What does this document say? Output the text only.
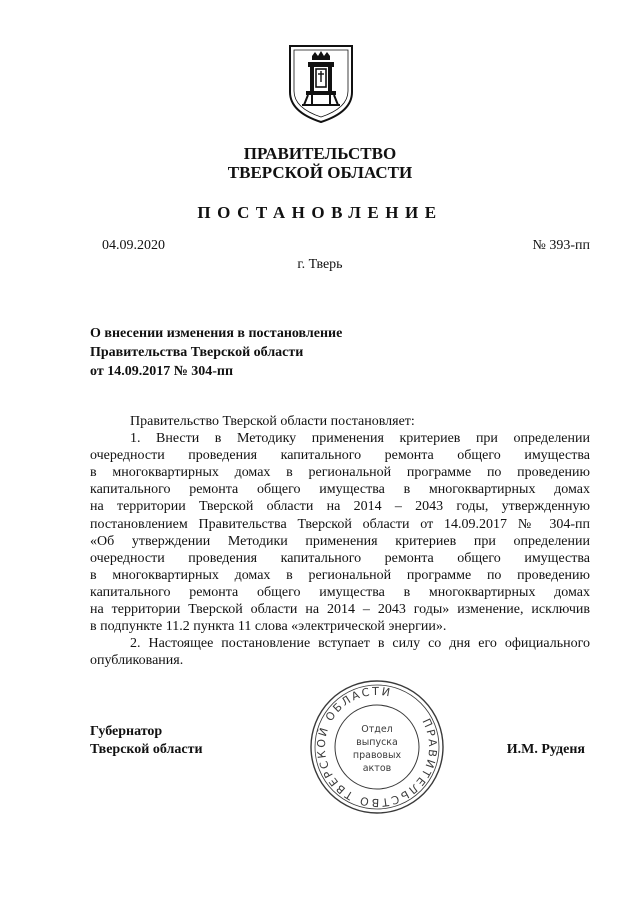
ПРАВИТЕЛЬСТВО
ТВЕРСКОЙ ОБЛАСТИ
ПОСТАНОВЛЕНИЕ
04.09.2020	№ 393-пп
г. Тверь
О внесении изменения в постановление
Правительства Тверской области
от 14.09.2017 № 304-пп

Правительство Тверской области постановляет:

1. Внести в Методику применения критериев при определении
очередности проведения капитального ремонта общего имущества
в многоквартирных домах в региональной программе по проведению
капитального ремонта общего имущества в многоквартирных домах
на территории Тверской области на 2014 – 2043 годы, утвержденную
постановлением Правительства Тверской области от 14.09.2017 № 304-пп
«Об утверждении Методики применения критериев при определении
очередности проведения капитального ремонта общего имущества
в многоквартирных домах в региональной программе по проведению
капитального ремонта общего имущества в многоквартирных домах
на территории Тверской области на 2014 – 2043 годы» изменение, исключив
в подпункте 11.2 пункта 11 слова «электрической энергии».
2. Настоящее постановление вступает в силу со дня его официального
опубликования.
Губернатор
Тверской области	И.М. Руденя
ПРАВИТЕЛЬСТВО ТВЕРСКОЙ ОБЛАСТИ
Отдел
выпуска
правовых
актов
